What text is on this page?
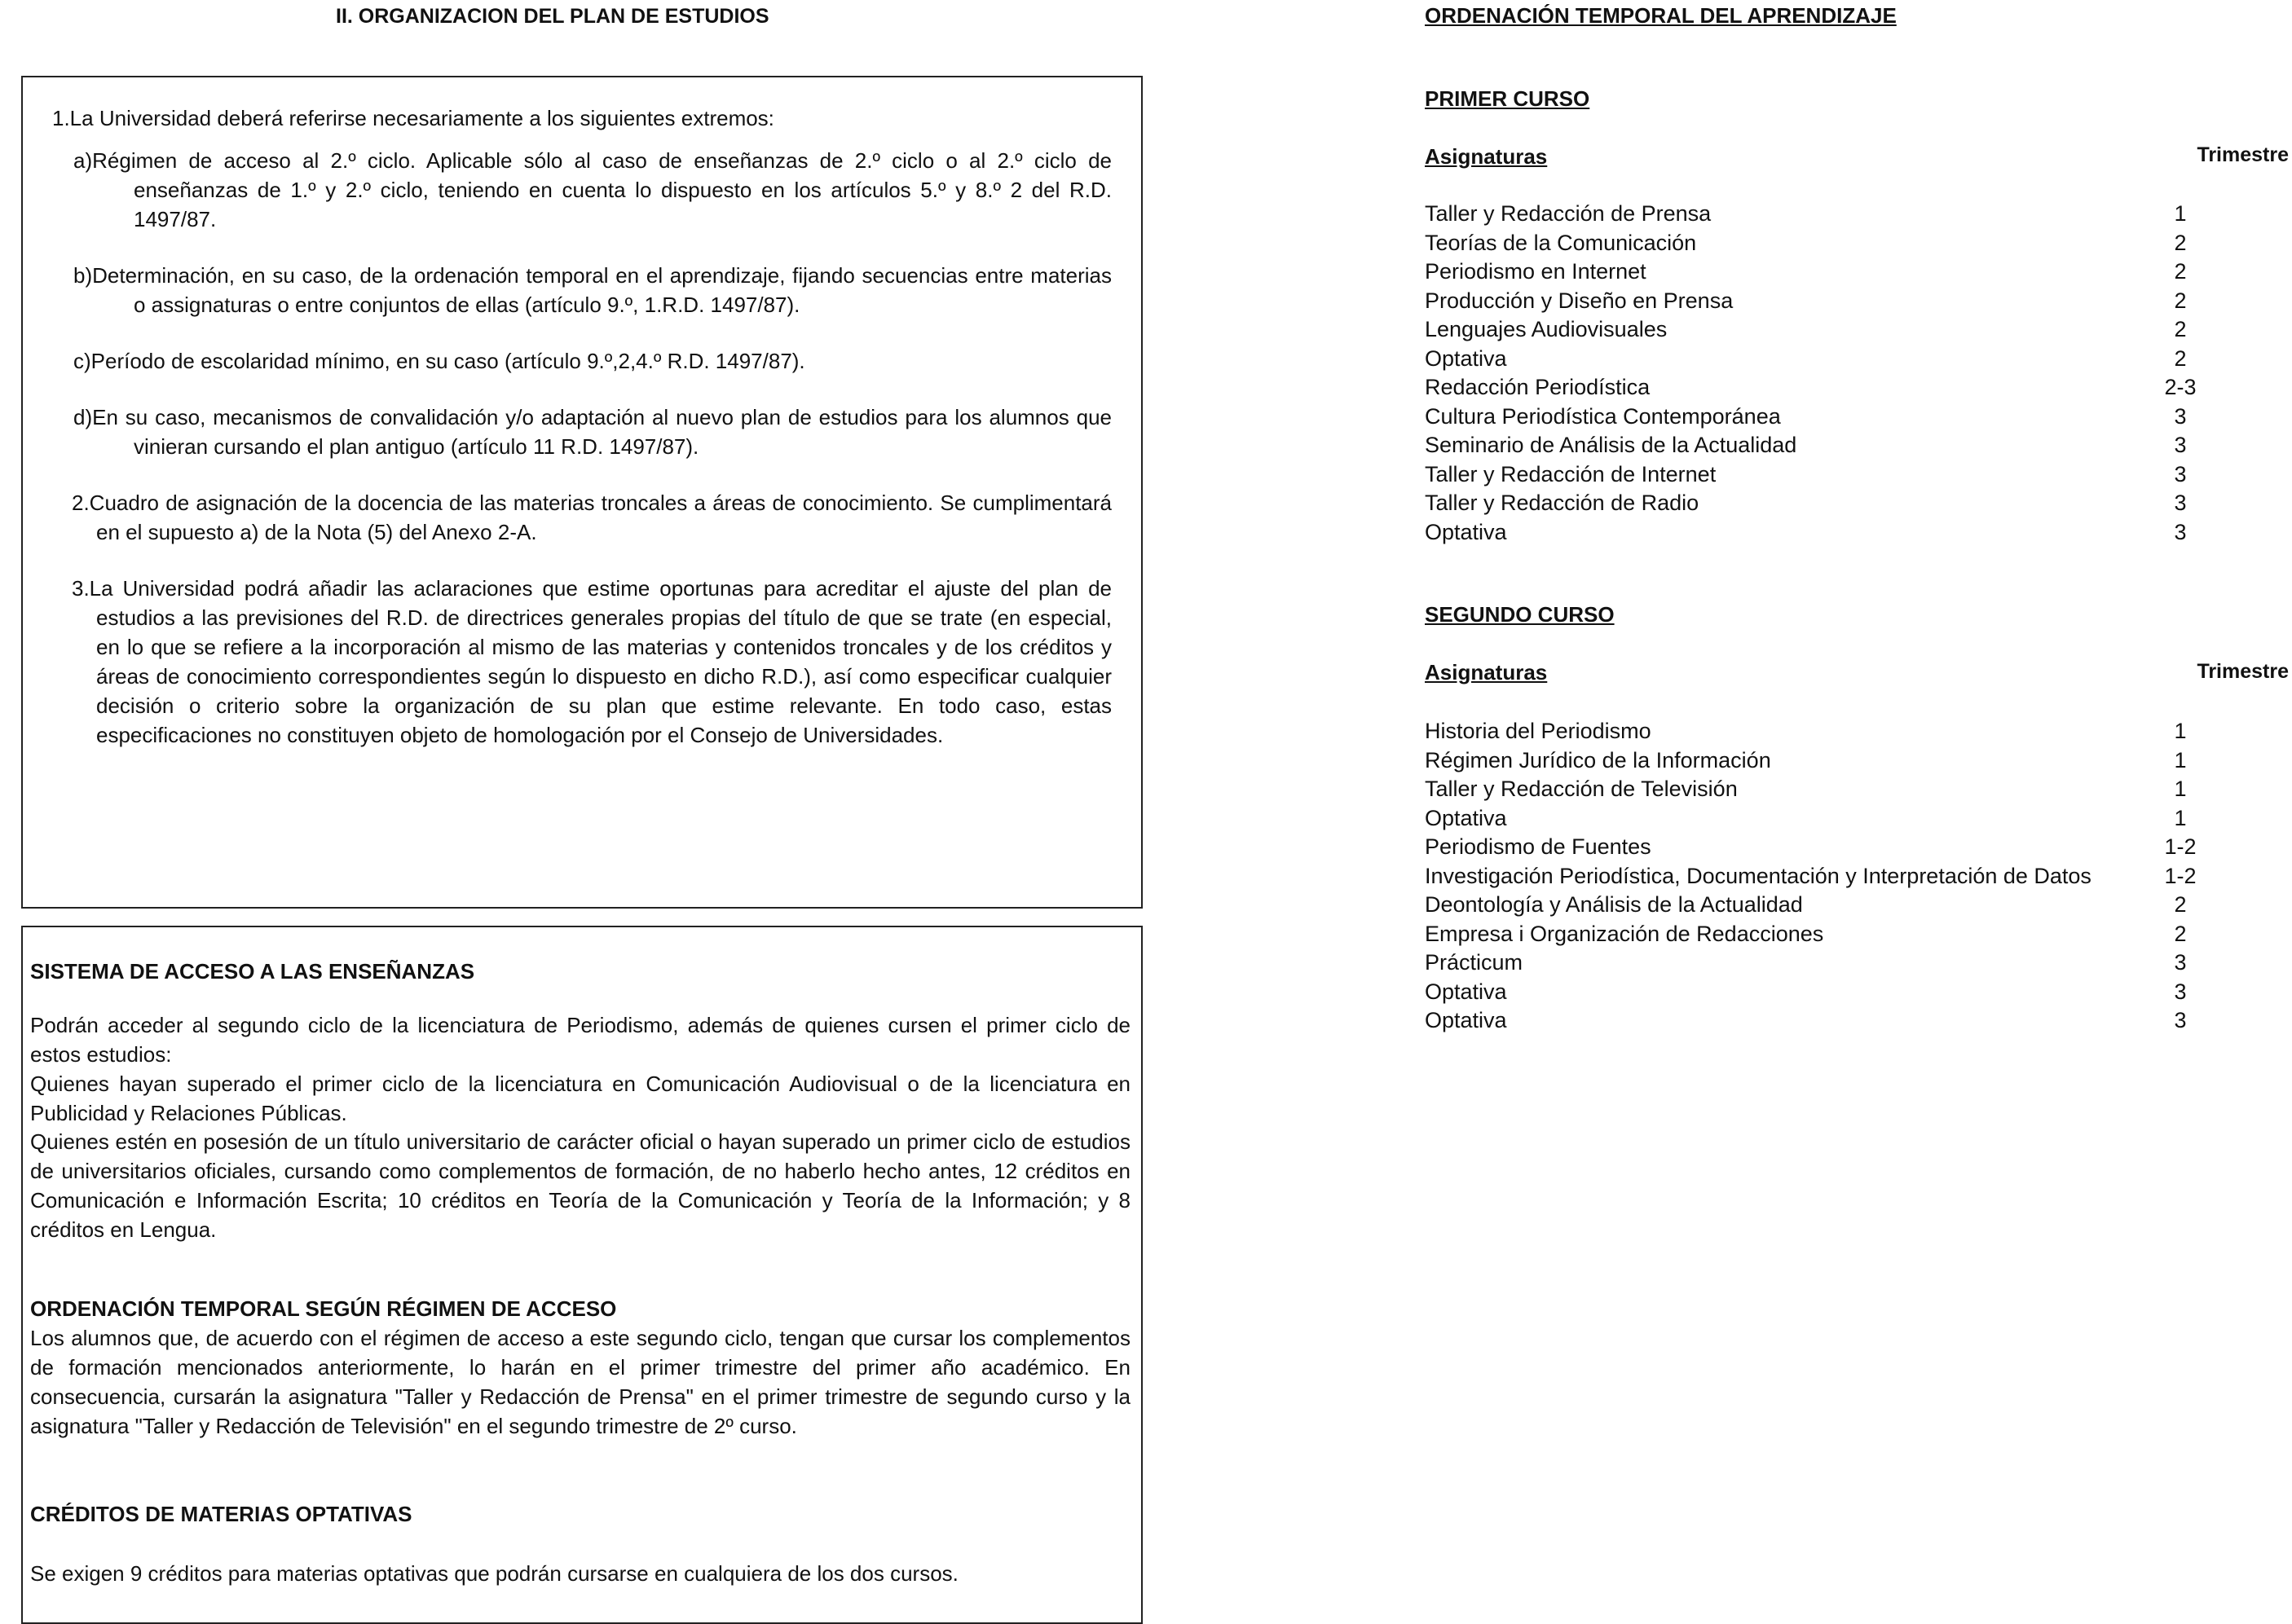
II. ORGANIZACION DEL PLAN DE ESTUDIOS
1.La Universidad deberá referirse necesariamente a los siguientes extremos:
a)Régimen de acceso al 2.º ciclo. Aplicable sólo al caso de enseñanzas de 2.º ciclo o al 2.º ciclo de enseñanzas de 1.º y 2.º ciclo, teniendo en cuenta lo dispuesto en los artículos 5.º y 8.º 2 del R.D. 1497/87.
b)Determinación, en su caso, de la ordenación temporal en el aprendizaje, fijando secuencias entre materias o assignaturas o entre conjuntos de ellas (artículo 9.º, 1.R.D. 1497/87).
c)Período de escolaridad mínimo, en su caso (artículo 9.º,2,4.º R.D. 1497/87).
d)En su caso, mecanismos de convalidación y/o adaptación al nuevo plan de estudios para los alumnos que vinieran cursando el plan antiguo (artículo 11 R.D. 1497/87).
2.Cuadro de asignación de la docencia de las materias troncales a áreas de conocimiento. Se cumplimentará en el supuesto a) de la Nota (5) del Anexo 2-A.
3.La Universidad podrá añadir las aclaraciones que estime oportunas para acreditar el ajuste del plan de estudios a las previsiones del R.D. de directrices generales propias del título de que se trate (en especial, en lo que se refiere a la incorporación al mismo de las materias y contenidos troncales y de los créditos y áreas de conocimiento correspondientes según lo dispuesto en dicho R.D.), así como especificar cualquier decisión o criterio sobre la organización de su plan que estime relevante. En todo caso, estas especificaciones no constituyen objeto de homologación por el Consejo de Universidades.
SISTEMA DE ACCESO A LAS ENSEÑANZAS
Podrán acceder al segundo ciclo de la licenciatura de Periodismo, además de quienes cursen el primer ciclo de estos estudios:
Quienes hayan superado el primer ciclo de la licenciatura en Comunicación Audiovisual o de la licenciatura en Publicidad y Relaciones Públicas.
Quienes estén en posesión de un título universitario de carácter oficial o hayan superado un primer ciclo de estudios de universitarios oficiales, cursando como complementos de formación, de no haberlo hecho antes, 12 créditos en Comunicación e Información Escrita; 10 créditos en Teoría de la Comunicación y Teoría de la Información; y 8 créditos en Lengua.
ORDENACIÓN TEMPORAL SEGÚN RÉGIMEN DE ACCESO
Los alumnos que, de acuerdo con el régimen de acceso a este segundo ciclo, tengan que cursar los complementos de formación mencionados anteriormente, lo harán en el primer trimestre del primer año académico. En consecuencia, cursarán la asignatura "Taller y Redacción de Prensa" en el primer trimestre de segundo curso y la asignatura "Taller y Redacción de Televisión" en el segundo trimestre de 2º curso.
CRÉDITOS DE MATERIAS OPTATIVAS
Se exigen 9 créditos para materias optativas que podrán cursarse en cualquiera de los dos cursos.
ORDENACIÓN TEMPORAL DEL APRENDIZAJE
PRIMER CURSO
Asignaturas	Trimestre
Taller y Redacción de Prensa	1
Teorías de la Comunicación	2
Periodismo en Internet	2
Producción y Diseño en Prensa	2
Lenguajes Audiovisuales	2
Optativa	2
Redacción Periodística	2-3
Cultura Periodística Contemporánea	3
Seminario de Análisis de la Actualidad	3
Taller y Redacción de Internet	3
Taller y Redacción de Radio	3
Optativa	3
SEGUNDO CURSO
Asignaturas	Trimestre
Historia del Periodismo	1
Régimen Jurídico de la Información	1
Taller y Redacción de Televisión	1
Optativa	1
Periodismo de Fuentes	1-2
Investigación Periodística, Documentación y Interpretación de Datos	1-2
Deontología y Análisis de la Actualidad	2
Empresa i Organización de Redacciones	2
Prácticum	3
Optativa	3
Optativa	3
